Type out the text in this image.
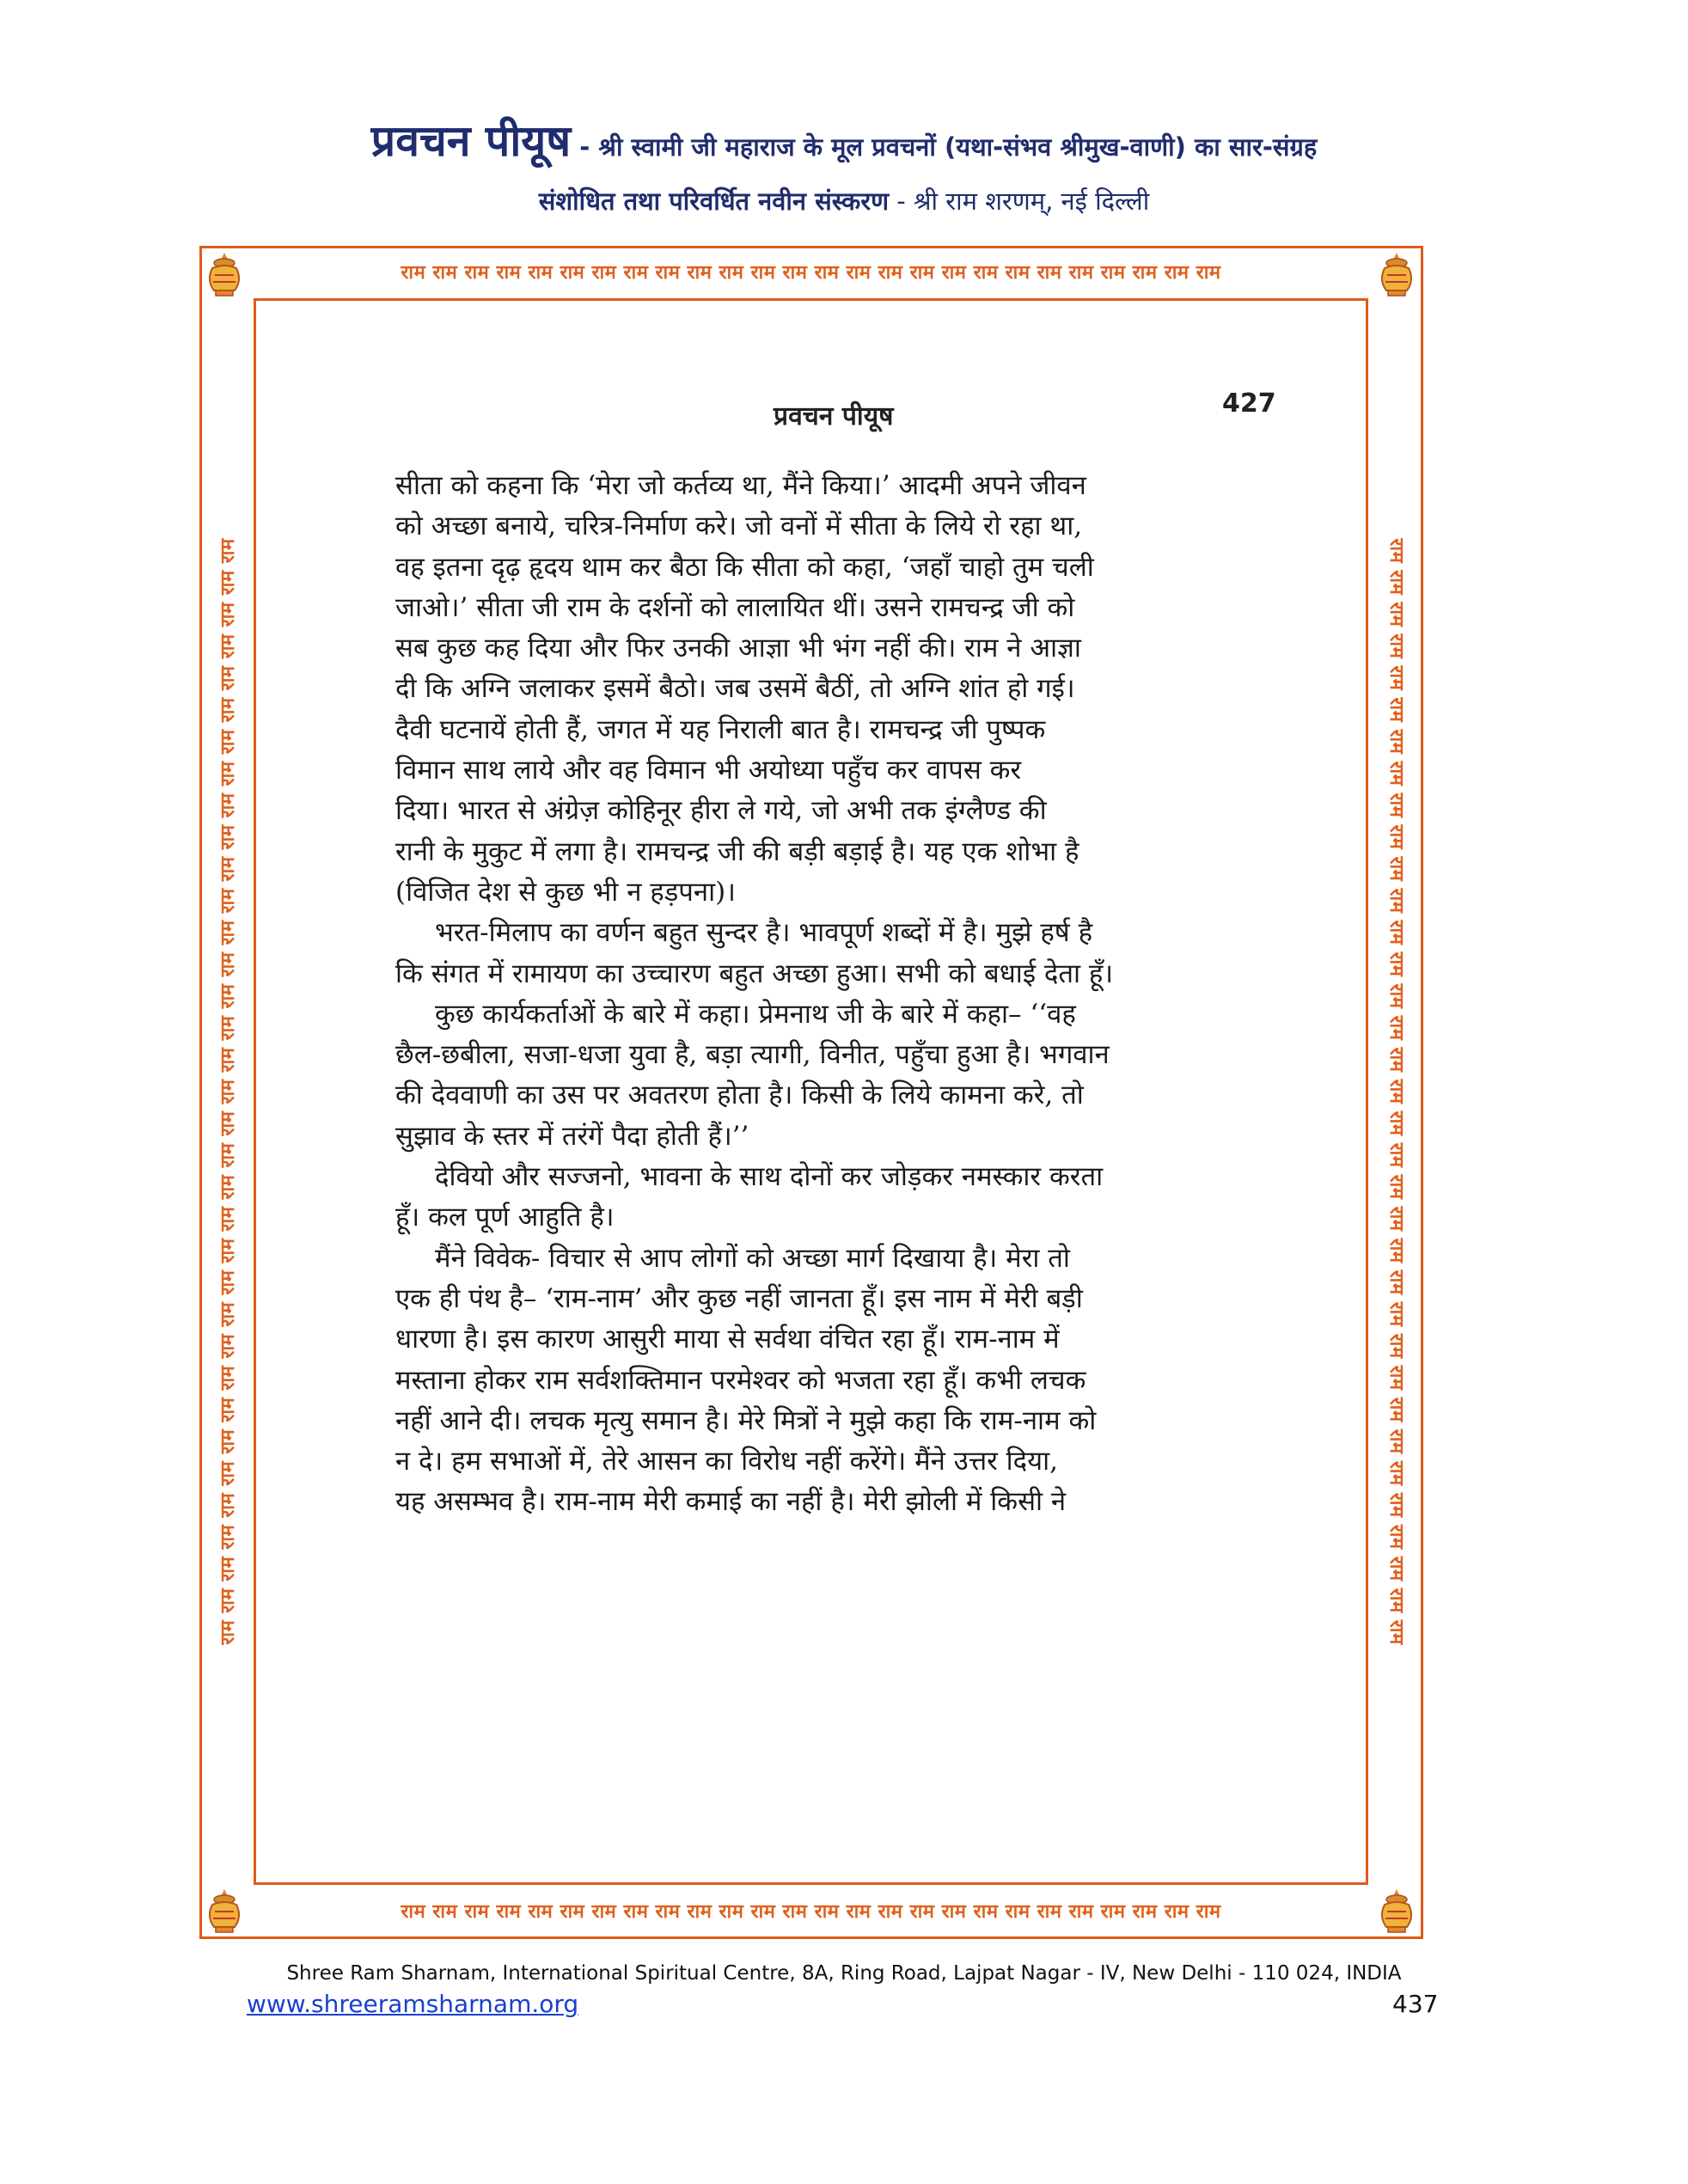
प्रवचन पीयूष - श्री स्वामी जी महाराज के मूल प्रवचनों (यथा-संभव श्रीमुख-वाणी) का सार-संग्रह
संशोधित तथा परिवर्धित नवीन संस्करण - श्री राम शरणम्, नई दिल्ली
राम राम राम राम राम राम राम राम राम राम राम राम राम राम राम राम राम राम राम राम राम राम राम राम राम राम
राम राम राम राम राम राम राम राम राम राम राम राम राम राम राम राम राम राम राम राम राम राम राम राम राम राम
राम राम राम राम राम राम राम राम राम राम राम राम राम राम राम राम राम राम राम राम राम राम राम राम राम राम राम राम राम राम राम राम राम राम राम	राम राम राम राम राम राम राम राम राम राम राम राम राम राम राम राम राम राम राम राम राम राम राम राम राम राम राम राम राम राम राम राम राम राम राम
प्रवचन पीयूष	427
सीता को कहना कि ‘मेरा जो कर्तव्य था, मैंने किया।’ आदमी अपने जीवन
को अच्छा बनाये, चरित्र-निर्माण करे। जो वनों में सीता के लिये रो रहा था,
वह इतना दृढ़ हृदय थाम कर बैठा कि सीता को कहा, ‘जहाँ चाहो तुम चली
जाओ।’ सीता जी राम के दर्शनों को लालायित थीं। उसने रामचन्द्र जी को
सब कुछ कह दिया और फिर उनकी आज्ञा भी भंग नहीं की। राम ने आज्ञा
दी कि अग्नि जलाकर इसमें बैठो। जब उसमें बैठीं, तो अग्नि शांत हो गई।
दैवी घटनायें होती हैं, जगत में यह निराली बात है। रामचन्द्र जी पुष्पक
विमान साथ लाये और वह विमान भी अयोध्या पहुँच कर वापस कर
दिया। भारत से अंग्रेज़ कोहिनूर हीरा ले गये, जो अभी तक इंग्लैण्ड की
रानी के मुकुट में लगा है। रामचन्द्र जी की बड़ी बड़ाई है। यह एक शोभा है
(विजित देश से कुछ भी न हड़पना)।
भरत-मिलाप का वर्णन बहुत सुन्दर है। भावपूर्ण शब्दों में है। मुझे हर्ष है
कि संगत में रामायण का उच्चारण बहुत अच्छा हुआ। सभी को बधाई देता हूँ।
कुछ कार्यकर्ताओं के बारे में कहा। प्रेमनाथ जी के बारे में कहा– ‘‘वह
छैल-छबीला, सजा-धजा युवा है, बड़ा त्यागी, विनीत, पहुँचा हुआ है। भगवान
की देववाणी का उस पर अवतरण होता है। किसी के लिये कामना करे, तो
सुझाव के स्तर में तरंगें पैदा होती हैं।’’
देवियो और सज्जनो, भावना के साथ दोनों कर जोड़कर नमस्कार करता
हूँ। कल पूर्ण आहुति है।
मैंने विवेक- विचार से आप लोगों को अच्छा मार्ग दिखाया है। मेरा तो
एक ही पंथ है– ‘राम-नाम’ और कुछ नहीं जानता हूँ। इस नाम में मेरी बड़ी
धारणा है। इस कारण आसुरी माया से सर्वथा वंचित रहा हूँ। राम-नाम में
मस्ताना होकर राम सर्वशक्तिमान परमेश्वर को भजता रहा हूँ। कभी लचक
नहीं आने दी। लचक मृत्यु समान है। मेरे मित्रों ने मुझे कहा कि राम-नाम को
न दे। हम सभाओं में, तेरे आसन का विरोध नहीं करेंगे। मैंने उत्तर दिया,
यह असम्भव है। राम-नाम मेरी कमाई का नहीं है। मेरी झोली में किसी ने
Shree Ram Sharnam, International Spiritual Centre, 8A, Ring Road, Lajpat Nagar - IV, New Delhi - 110 024, INDIA
www.shreeramsharnam.org	437
